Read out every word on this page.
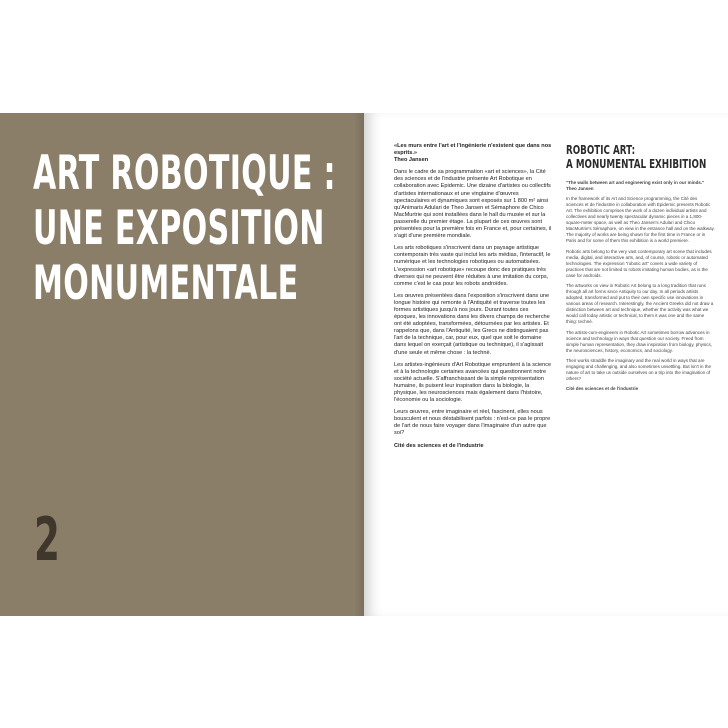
ART ROBOTIQUE :
UNE EXPOSITION
MONUMENTALE
2

«Les murs entre l'art et l'ingénierie n'existent que dans nos esprits.»
Theo Jansen

Dans le cadre de sa programmation «art et sciences», la Cité des sciences et de l'industrie présente Art Robotique en collaboration avec Epidemic. Une dizaine d'artistes ou collectifs d'artistes internationaux et une vingtaine d'œuvres spectaculaires et dynamiques sont exposés sur 1 800 m² ainsi qu'Animaris Adulari de Theo Jansen et Sémaphore de Chico MacMurtrie qui sont installées dans le hall du musée et sur la passerelle du premier étage. La plupart de ces œuvres sont présentées pour la première fois en France et, pour certaines, il s'agit d'une première mondiale.

Les arts robotiques s'inscrivent dans un paysage artistique contemporain très vaste qui inclut les arts médias, l'interactif, le numérique et les technologies robotiques ou automatisées. L'expression «art robotique» recoupe donc des pratiques très diverses qui ne peuvent être réduites à une imitation du corps, comme c'est le cas pour les robots androïdes.

Les œuvres présentées dans l'exposition s'inscrivent dans une longue histoire qui remonte à l'Antiquité et traverse toutes les formes artistiques jusqu'à nos jours. Durant toutes ces époques, les innovations dans les divers champs de recherche ont été adoptées, transformées, détournées par les artistes. Et rappelons que, dans l'Antiquité, les Grecs ne distinguaient pas l'art de la technique, car, pour eux, quel que soit le domaine dans lequel on exerçait (artistique ou technique), il s'agissait d'une seule et même chose : la technè.

Les artistes-ingénieurs d'Art Robotique empruntent à la science et à la technologie certaines avancées qui questionnent notre société actuelle. S'affranchissant de la simple représentation humaine, ils puisent leur inspiration dans la biologie, la physique, les neurosciences mais également dans l'histoire, l'économie ou la sociologie.

Leurs œuvres, entre imaginaire et réel, fascinent, elles nous bousculent et nous déstabilisent parfois : n'est-ce pas le propre de l'art de nous faire voyager dans l'imaginaire d'un autre que soi?

Cité des sciences et de l'industrie

ROBOTIC ART:
A MONUMENTAL EXHIBITION

"The walls between art and engineering exist only in our minds."
Theo Jansen

In the framework of its Art and Science programming, the Cité des sciences et de l'industrie in collaboration with Epidemic presents Robotic Art. The exhibition comprises the work of a dozen individual artists and collectives and nearly twenty spectacular dynamic pieces in a 1,800-square-meter space, as well as Theo Jansen's Adulari and Chico MacMurtrie's Sémaphore, on view in the entrance hall and on the walkway. The majority of works are being shown for the first time in France or in Paris and for some of them this exhibition is a world premiere.

Robotic arts belong to the very vast contemporary art scene that includes media, digital, and interactive arts, and, of course, robotic or automated technologies. The expression "robotic art" covers a wide variety of practices that are not limited to robots imitating human bodies, as is the case for androids.

The artworks on view in Robotic Art belong to a long tradition that runs through all art forms since Antiquity to our day. In all periods artists adopted, transformed and put to their own specific use innovations in various areas of research. Interestingly, the Ancient Greeks did not draw a distinction between art and technique, whether the activity was what we would call today artistic or technical, to them it was one and the same thing: technè.

The artists-cum-engineers in Robotic Art sometimes borrow advances in science and technology in ways that question our society. Freed from simple human representation, they draw inspiration from biology, physics, the neurosciences, history, economics, and sociology.

Their works straddle the imaginary and the real world in ways that are engaging and challenging, and also sometimes unsettling. But isn't in the nature of art to take us outside ourselves on a trip into the imagination of others?

Cité des sciences et de l'industrie
